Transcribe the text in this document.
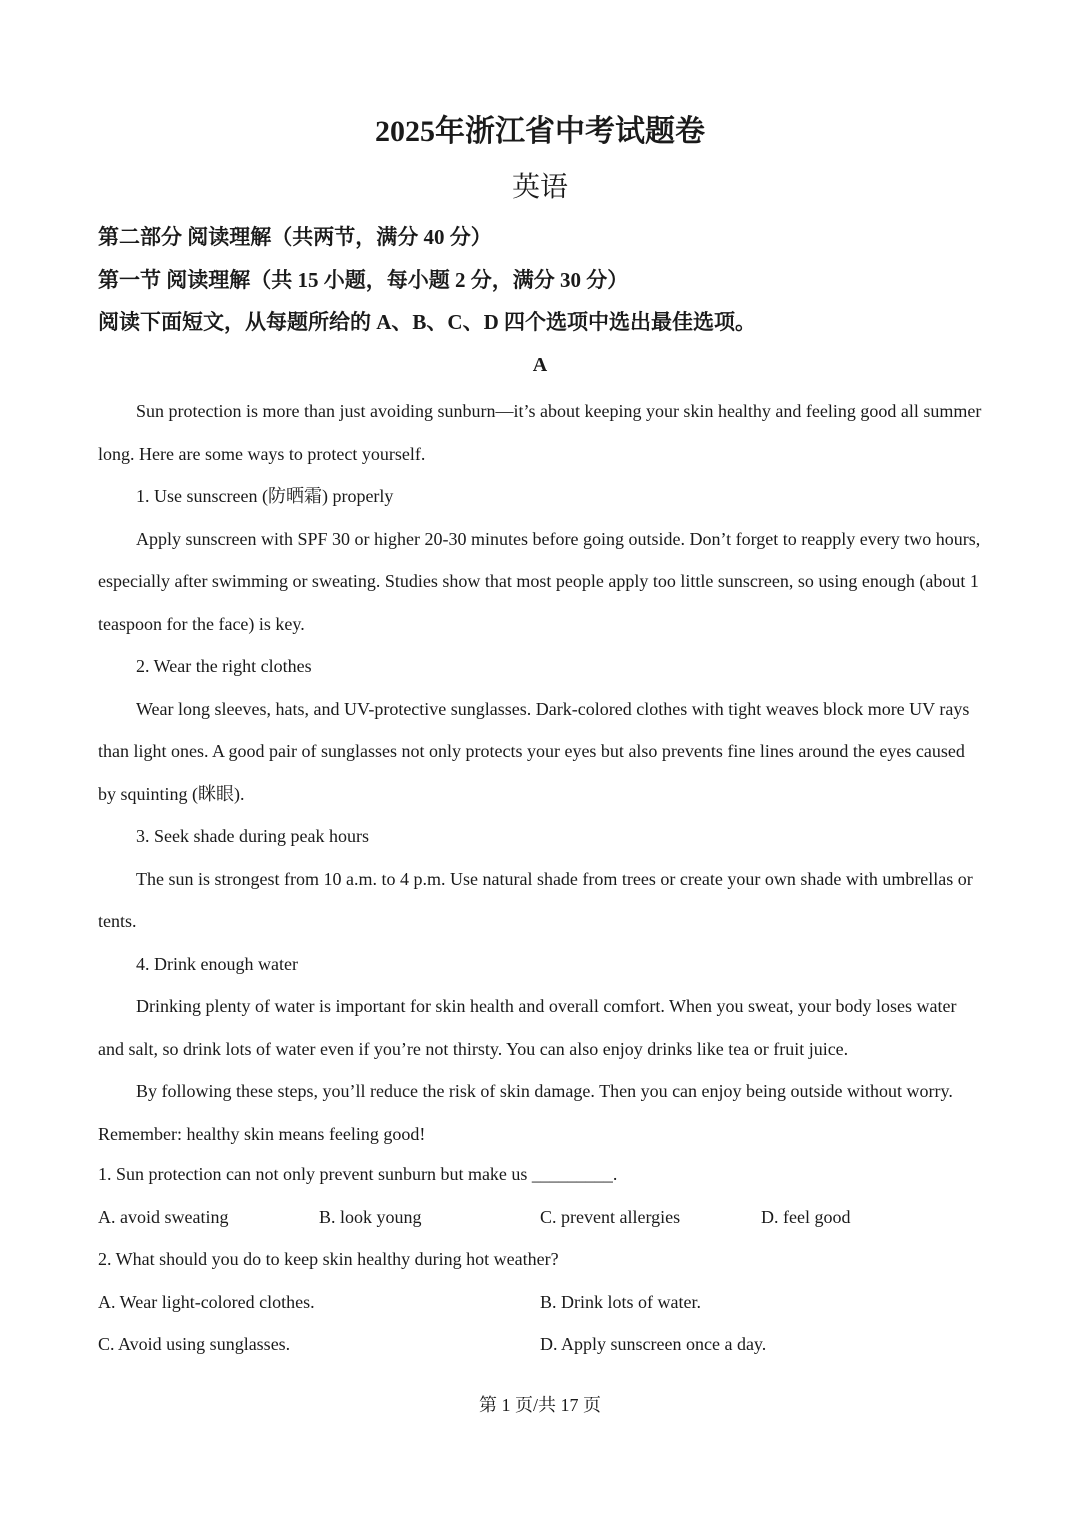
2025年浙江省中考试题卷
英语
第二部分 阅读理解（共两节，满分 40 分）
第一节 阅读理解（共 15 小题，每小题 2 分，满分 30 分）
阅读下面短文，从每题所给的 A、B、C、D 四个选项中选出最佳选项。
A

Sun protection is more than just avoiding sunburn—it’s about keeping your skin healthy and feeling good all summer long. Here are some ways to protect yourself.

1. Use sunscreen (防晒霜) properly

Apply sunscreen with SPF 30 or higher 20-30 minutes before going outside. Don’t forget to reapply every two hours, especially after swimming or sweating. Studies show that most people apply too little sunscreen, so using enough (about 1 teaspoon for the face) is key.

2. Wear the right clothes

Wear long sleeves, hats, and UV-protective sunglasses. Dark-colored clothes with tight weaves block more UV rays than light ones. A good pair of sunglasses not only protects your eyes but also prevents fine lines around the eyes caused by squinting (眯眼).

3. Seek shade during peak hours

The sun is strongest from 10 a.m. to 4 p.m. Use natural shade from trees or create your own shade with umbrellas or tents.

4. Drink enough water

Drinking plenty of water is important for skin health and overall comfort. When you sweat, your body loses water and salt, so drink lots of water even if you’re not thirsty. You can also enjoy drinks like tea or fruit juice.

By following these steps, you’ll reduce the risk of skin damage. Then you can enjoy being outside without worry. Remember: healthy skin means feeling good!

1. Sun protection can not only prevent sunburn but make us _________.

A. avoid sweating	B. look young	C. prevent allergies	D. feel good

2. What should you do to keep skin healthy during hot weather?

A. Wear light-colored clothes.	B. Drink lots of water.
C. Avoid using sunglasses.	D. Apply sunscreen once a day.
第 1 页/共 17 页
